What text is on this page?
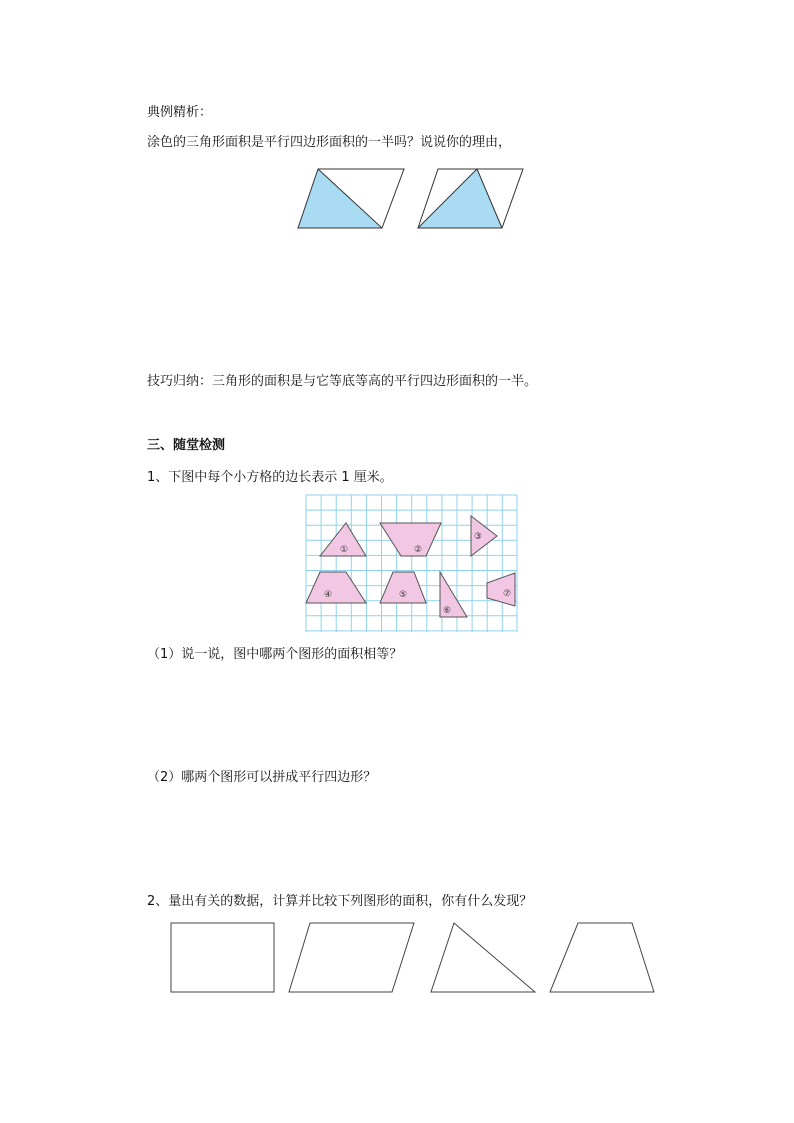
典例精析：
涂色的三角形面积是平行四边形面积的一半吗？说说你的理由，
技巧归纳：三角形的面积是与它等底等高的平行四边形面积的一半。
三、随堂检测
1、下图中每个小方格的边长表示 1 厘米。
①	②
③
④	⑤
⑥
⑦
（1）说一说，图中哪两个图形的面积相等？
（2）哪两个图形可以拼成平行四边形？
2、量出有关的数据，计算并比较下列图形的面积，你有什么发现？
